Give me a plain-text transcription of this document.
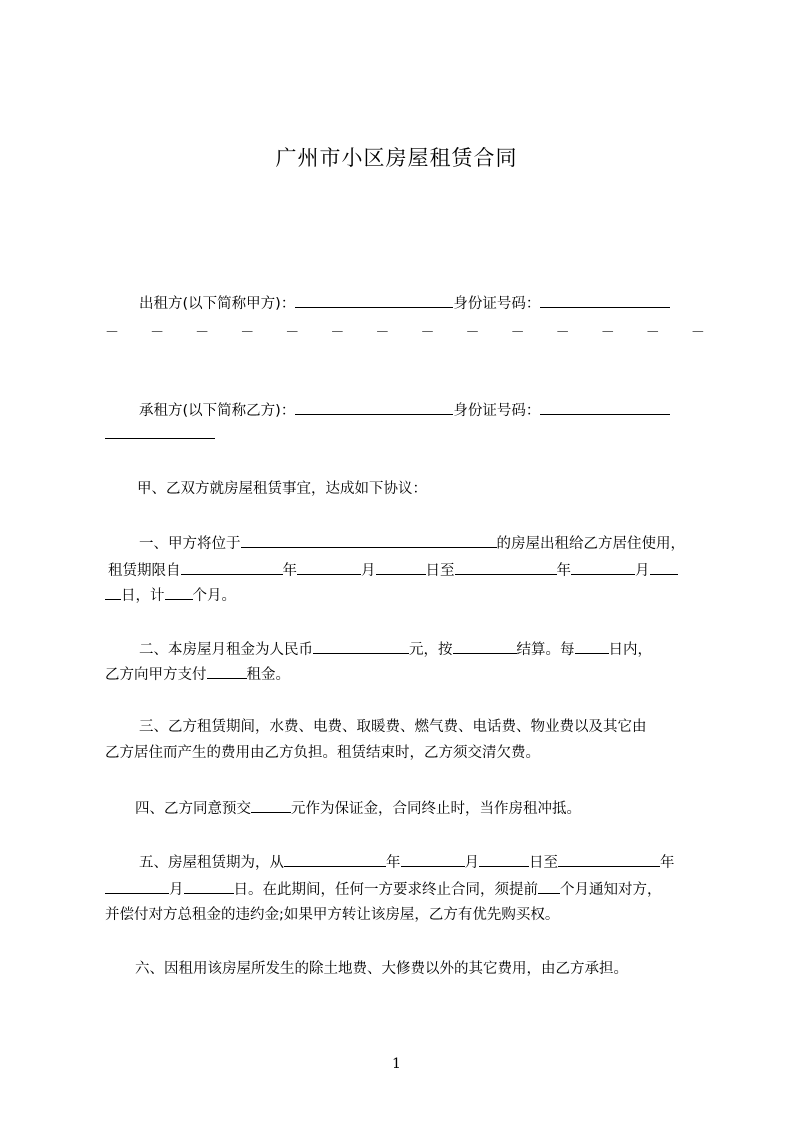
广州市小区房屋租赁合同
出租方(以下简称甲方)：	身份证号码：
－ － － － － － － － － － － － － －
承租方(以下简称乙方)：	身份证号码：
甲、乙双方就房屋租赁事宜，达成如下协议：
一、甲方将位于	的房屋出租给乙方居住使用，
租赁期限自	年	月	日至	年	月
日，计 个月。
二、本房屋月租金为人民币	元，按	结算。每 日内，
乙方向甲方支付	租金。
三、乙方租赁期间，水费、电费、取暖费、燃气费、电话费、物业费以及其它由
乙方居住而产生的费用由乙方负担。租赁结束时，乙方须交清欠费。
四、乙方同意预交	元作为保证金，合同终止时，当作房租冲抵。
五、房屋租赁期为，从	年	月	日至	年
月	日。在此期间，任何一方要求终止合同，须提前 个月通知对方，
并偿付对方总租金的违约金;如果甲方转让该房屋，乙方有优先购买权。
六、因租用该房屋所发生的除土地费、大修费以外的其它费用，由乙方承担。
1
